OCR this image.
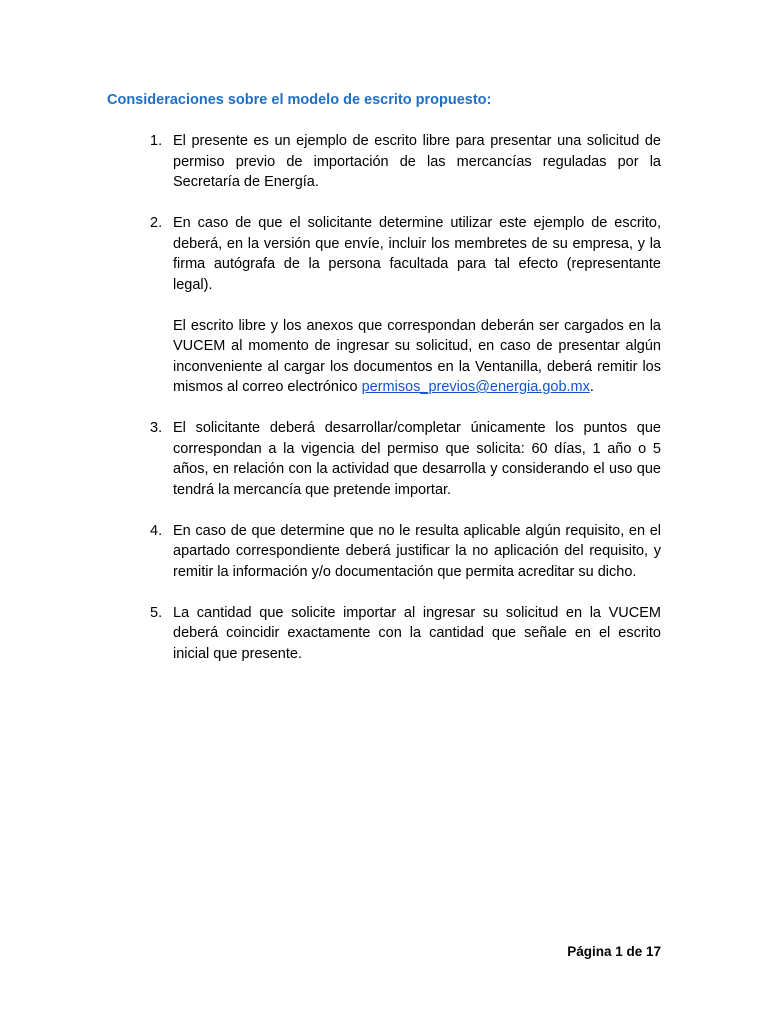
Consideraciones sobre el modelo de escrito propuesto:
1. El presente es un ejemplo de escrito libre para presentar una solicitud de permiso previo de importación de las mercancías reguladas por la Secretaría de Energía.

2. En caso de que el solicitante determine utilizar este ejemplo de escrito, deberá, en la versión que envíe, incluir los membretes de su empresa, y la firma autógrafa de la persona facultada para tal efecto (representante legal).

El escrito libre y los anexos que correspondan deberán ser cargados en la VUCEM al momento de ingresar su solicitud, en caso de presentar algún inconveniente al cargar los documentos en la Ventanilla, deberá remitir los mismos al correo electrónico permisos_previos@energia.gob.mx.

3. El solicitante deberá desarrollar/completar únicamente los puntos que correspondan a la vigencia del permiso que solicita: 60 días, 1 año o 5 años, en relación con la actividad que desarrolla y considerando el uso que tendrá la mercancía que pretende importar.

4. En caso de que determine que no le resulta aplicable algún requisito, en el apartado correspondiente deberá justificar la no aplicación del requisito, y remitir la información y/o documentación que permita acreditar su dicho.

5. La cantidad que solicite importar al ingresar su solicitud en la VUCEM deberá coincidir exactamente con la cantidad que señale en el escrito inicial que presente.

Página 1 de 17
